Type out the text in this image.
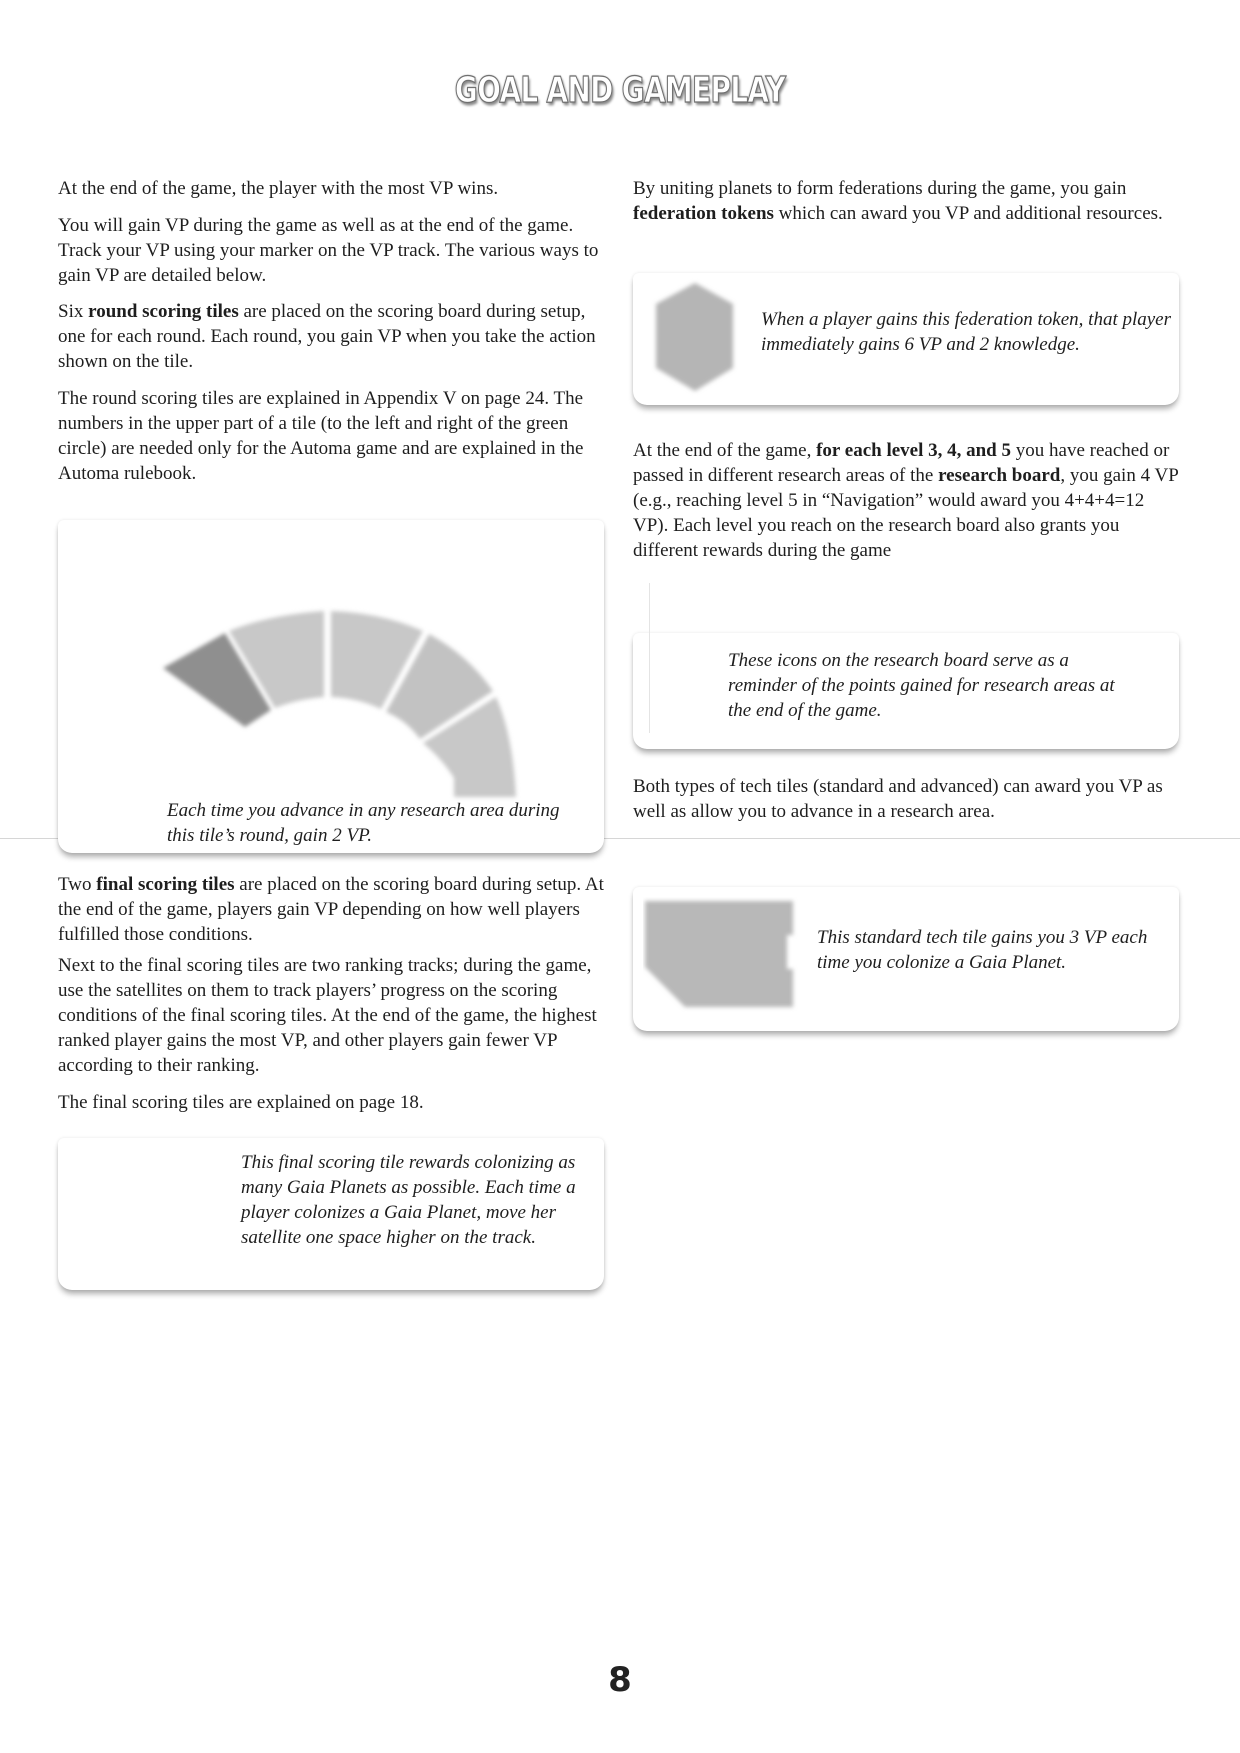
GOAL AND GAMEPLAY

At the end of the game, the player with the most VP wins.

You will gain VP during the game as well as at the end of the game. Track your VP using your marker on the VP track. The various ways to gain VP are detailed below.

Six round scoring tiles are placed on the scoring board during setup, one for each round. Each round, you gain VP when you take the action shown on the tile.

The round scoring tiles are explained in Appendix V on page 24. The numbers in the upper part of a tile (to the left and right of the green circle) are needed only for the Automa game and are explained in the Automa rulebook.

Each time you advance in any research area during this tile’s round, gain 2 VP.

Two final scoring tiles are placed on the scoring board during setup. At the end of the game, players gain VP depending on how well players fulfilled those conditions.

Next to the final scoring tiles are two ranking tracks; during the game, use the satellites on them to track players’ progress on the scoring conditions of the final scoring tiles. At the end of the game, the highest ranked player gains the most VP, and other players gain fewer VP according to their ranking.

The final scoring tiles are explained on page 18.

This final scoring tile rewards colonizing as many Gaia Planets as possible. Each time a player colonizes a Gaia Planet, move her satellite one space higher on the track.

By uniting planets to form federations during the game, you gain federation tokens which can award you VP and additional resources.

When a player gains this federation token, that player immediately gains 6 VP and 2 knowledge.

At the end of the game, for each level 3, 4, and 5 you have reached or passed in different research areas of the research board, you gain 4 VP (e.g., reaching level 5 in “Navigation” would award you 4+4+4=12 VP). Each level you reach on the research board also grants you different rewards during the game

These icons on the research board serve as a reminder of the points gained for research areas at the end of the game.

Both types of tech tiles (standard and advanced) can award you VP as well as allow you to advance in a research area.

This standard tech tile gains you 3 VP each time you colonize a Gaia Planet.
8
